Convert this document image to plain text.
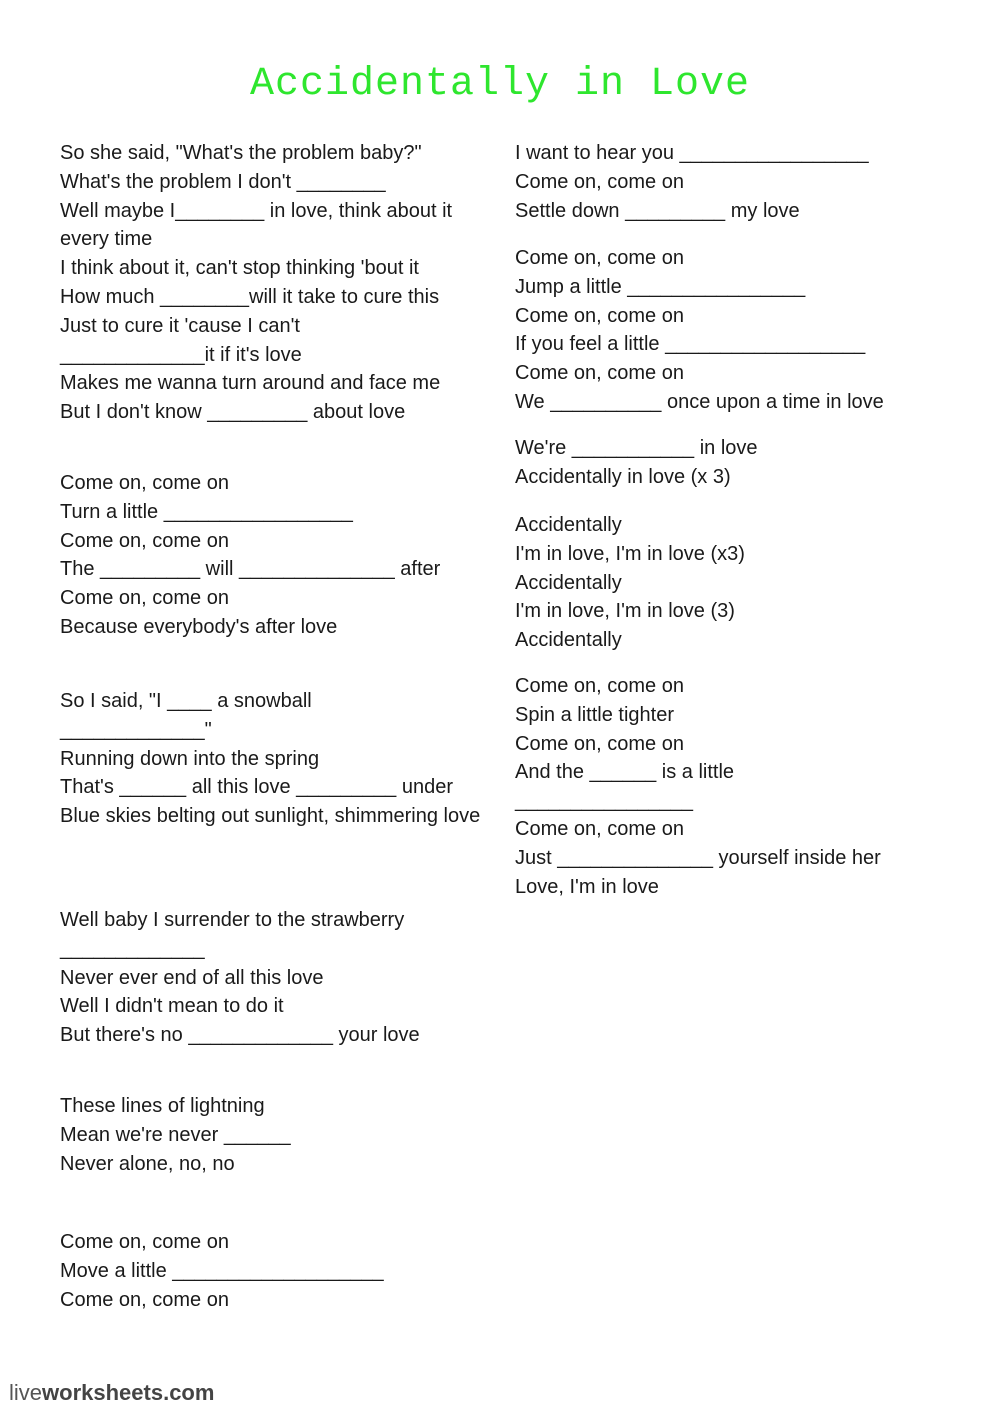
Accidentally in Love
So she said, "What's the problem baby?"
What's the problem I don't ________
Well maybe I________ in love, think about it every time
I think about it, can't stop thinking 'bout it
How much ________will it take to cure this
Just to cure it 'cause I can't
_____________it if it's love
Makes me wanna turn around and face me
But I don't know _________ about love
Come on, come on
Turn a little _________________
Come on, come on
The _________ will ______________ after
Come on, come on
Because everybody's after love
So I said, "I ____ a snowball
_____________"
Running down into the spring
That's ______ all this love _________ under
Blue skies belting out sunlight, shimmering love
Well baby I surrender to the strawberry
_____________
Never ever end of all this love
Well I didn't mean to do it
But there's no _____________ your love
These lines of lightning
Mean we're never ______
Never alone, no, no
Come on, come on
Move a little ___________________
Come on, come on
I want to hear you _________________
Come on, come on
Settle down _________ my love
Come on, come on
Jump a little ________________
Come on, come on
If you feel a little __________________
Come on, come on
We __________ once upon a time in love
We're ___________ in love
Accidentally in love (x 3)
Accidentally
I'm in love, I'm in love (x3)
Accidentally
I'm in love, I'm in love (3)
Accidentally
Come on, come on
Spin a little tighter
Come on, come on
And the ______ is a little
________________
Come on, come on
Just ______________ yourself inside her
Love, I'm in love
liveworksheets.com
